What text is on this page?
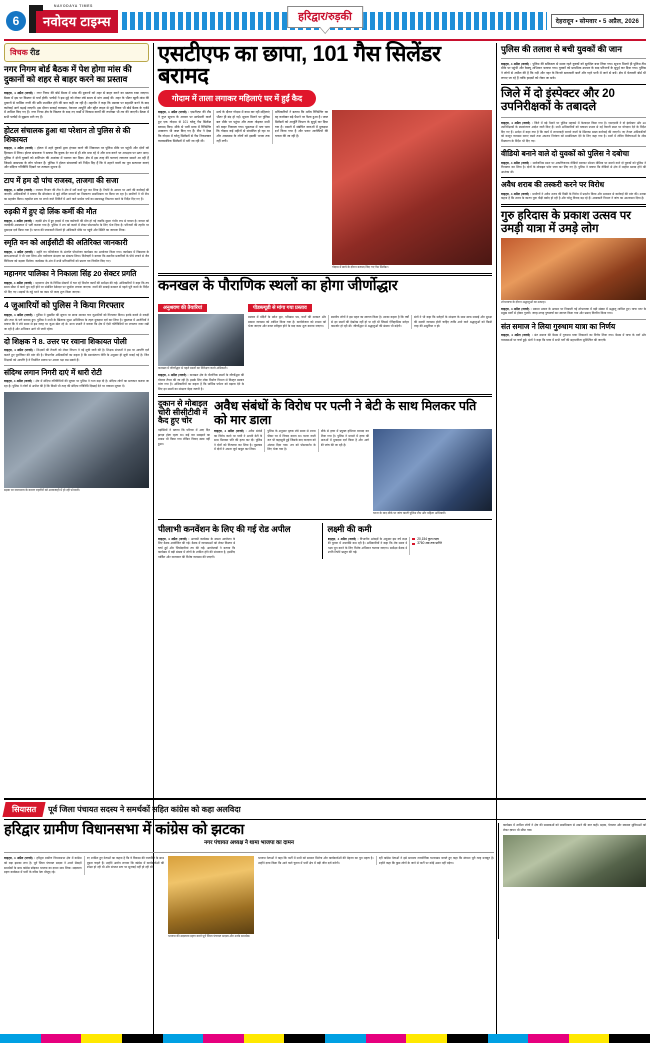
6
NAVODAYA TIMES
नवोदय टाइम्स	हरिद्वार/रुड़की	देहरादून • सोमवार • 5 अप्रैल, 2026
विचक रीड
नगर निगम बोर्ड बैठक में पेश होगा मांस की दुकानों को शहर से बाहर करने का प्रस्ताव
बाइट्स, 4 अप्रैल (जनसे) : नगर निगम की बोर्ड बैठक में मांस की दुकानों को शहर से बाहर करने का प्रस्ताव रखा जाएगा। बैठक में इस पर विस्तार से चर्चा होगी। पार्षदों ने इस मुद्दे को लेकर लंबे समय से मांग उठाई थी। शहर के भीतर खुली मांस की दुकानों से धार्मिक नगरी की छवि प्रभावित होने की बात कही जा रही है। महापौर ने कहा कि प्रस्ताव पर सहमति बनने के बाद कार्रवाई आगे बढ़ाई जाएगी। इस दौरान सफाई व्यवस्था, पेयजल आपूर्ति और स्ट्रीट लाइट से जुड़े विषय भी बोर्ड बैठक के एजेंडे में शामिल किए गए हैं। नगर निगम क्षेत्र के विस्तार के बाद नए वार्डों में विकास कार्यों की रूपरेखा भी तय की जाएगी। बैठक में सभी पार्षदों से सुझाव मांगे गए हैं।
होटल संचालक हुआ था परेशान तो पुलिस से की शिकायत
बाइट्स, 4 अप्रैल (जनसे) : होटल में ठहरे युवकों द्वारा हंगामा करने की शिकायत पर पुलिस मौके पर पहुंची और दोनों को हिरासत में लिया। होटल संचालक ने बताया कि युवक देर रात से ही शोर मचा रहे थे और मना करने पर अभद्रता पर उतर आए। पुलिस ने दोनों युवकों को शांतिभंग की आशंका में चालान कर दिया। क्षेत्र में इस तरह की घटनाएं लगातार सामने आ रही हैं जिससे आसपास के लोग परेशान हैं। पुलिस ने होटल संचालकों को निर्देश दिए हैं कि वे ठहरने वालों का पूरा सत्यापन कराएं और संदिग्ध गतिविधि दिखने पर तत्काल सूचना दें।
टाप में हम दो पांच राजस्व, ताजगा की सजा
बाइट्स, 4 अप्रैल (जनसे) : राजस्व विभाग की टीम ने क्षेत्र में सर्वे कार्य पूरा कर लिया है। रिपोर्ट के आधार पर आगे की कार्रवाई की जाएगी। अधिकारियों ने बताया कि सीमांकन से जुड़े लंबित मामलों का निस्तारण प्राथमिकता पर किया जा रहा है। ग्रामीणों ने भी टीम का सहयोग किया। तहसील स्तर पर लगने वाले शिविरों में आने वाले प्रार्थना पत्रों का समयबद्ध निपटारा करने के निर्देश दिए गए हैं।
रुड़की में हुए दो लिंक कर्मी की मौत
बाइट्स, 4 अप्रैल (जनसे) : रुड़की क्षेत्र में हुए हादसे में एक कर्मचारी की मौत हो गई जबकि दूसरा गंभीर रूप से घायल है। घायल को नजदीकी अस्पताल में भर्ती कराया गया है। पुलिस ने शव को कब्जे में लेकर पोस्टमार्टम के लिए भेज दिया है। परिजनों की तहरीर पर मुकदमा दर्ज किया गया है। घटना की जानकारी मिलते ही अधिकारी मौके पर पहुंचे और स्थिति का जायजा लिया।
स्मृति वन को आईसीटी की अतिरिक्त जानकारी
बाइट्स, 4 अप्रैल (जनसे) : स्मृति वन परियोजना के अंतर्गत पौधरोपण कार्यक्रम का आयोजन किया गया। कार्यक्रम में विद्यालय के छात्र-छात्राओं ने भी भाग लिया और पर्यावरण संरक्षण का संकल्प लिया। विशेषज्ञों ने बताया कि स्थानीय प्रजातियों के पौधे लगाने से जैव विविधता को बढ़ावा मिलेगा। कार्यक्रम के अंत में सभी प्रतिभागियों को प्रमाण पत्र वितरित किए गए।
महानगर पालिका ने निकाला सिंह 20 सेक्टर प्रगति
बाइट्स, 4 अप्रैल (जनसे) : महानगर क्षेत्र के विभिन्न सेक्टरों में चल रहे निर्माण कार्यों की समीक्षा की गई। अधिकारियों ने कहा कि तय समय सीमा में कार्य पूरा नहीं होने पर संबंधित ठेकेदार पर जुर्माना लगाया जाएगा। नालों की सफाई बरसात से पहले पूरी करने के निर्देश भी दिए गए। सड़कों के गड्ढे भरने का काम भी जल्द शुरू किया जाएगा।
4 जुआरियों को पुलिस ने किया गिरफ्तार
बाइट्स, 4 अप्रैल (जनसे) : पुलिस ने मुखबिर की सूचना पर छापा मारकर चार जुआरियों को गिरफ्तार किया। इनके कब्जे से नकदी और ताश के पत्ते बरामद हुए। पुलिस ने सभी के खिलाफ जुआ अधिनियम के तहत मुकदमा दर्ज कर लिया है। पूछताछ में आरोपियों ने बताया कि वे लंबे समय से इस जगह पर जुआ खेल रहे थे। थाना प्रभारी ने बताया कि क्षेत्र में ऐसी गतिविधियों पर लगातार नजर रखी जा रही है और अभियान आगे भी जारी रहेगा।
दो शिक्षक ने 8. उत्तर पर रवाना शिकायत पोली
बाइट्स, 4 अप्रैल (जनसे) : शिक्षकों की तैनाती को लेकर विभाग ने नई सूची जारी की है। शिक्षक संगठनों ने इस पर आपत्ति दर्ज कराते हुए पुनर्विचार की मांग की है। विभागीय अधिकारियों का कहना है कि स्थानांतरण नीति के अनुसार ही सूची बनाई गई है। जिन शिक्षकों को आपत्ति है वे निर्धारित प्रारूप पर अपना पक्ष रख सकते हैं।
संदिग्ध लगान निगरी दाएं में धारी रोटी
बाइट्स, 4 अप्रैल (जनसे) : क्षेत्र में संदिग्ध गतिविधियों की सूचना पर पुलिस ने गश्त बढ़ा दी है। संदिग्ध लोगों का सत्यापन कराया जा रहा है। पुलिस ने लोगों से अपील की है कि किसी भी तरह की संदिग्ध गतिविधि दिखाई देने पर तत्काल सूचना दें।
सड़क पर जलभराव के कारण राहगीरों को आवाजाही में हो रही परेशानी।
एसटीएफ का छापा, 101 गैस सिलेंडर बरामद
गोदाम में ताला लगाकर महिलाएं घर में हुईं कैद
बाइट्स, 4 अप्रैल (जनसे) : एसटीएफ की टीम ने गुप्त सूचना के आधार पर छापेमारी करते हुए एक गोदाम से 101 घरेलू गैस सिलेंडर बरामद किए। मौके से भारी मात्रा में रिफिलिंग उपकरण भी जब्त किए गए हैं। टीम ने देखा कि गोदाम में घरेलू सिलेंडरों से गैस निकालकर व्यावसायिक सिलेंडरों में भरी जा रही थी।
छापे के दौरान गोदाम में काम कर रही महिलाएं भीतर ही बंद हो गईं। सूचना मिलने पर पुलिस बल मौके पर पहुंचा और ताला तोड़कर सभी को बाहर निकाला गया। पूछताछ में पता चला कि गोदाम कई महीनों से संचालित हो रहा था और आसपास के लोगों को इसकी भनक तक नहीं लगी।
अधिकारियों ने बताया कि अवैध रिफिलिंग का यह कारोबार बड़े पैमाने पर फैला हुआ है। जब्त सिलेंडरों को आपूर्ति विभाग के सुपुर्द कर दिया गया है। मामले में संबंधित धाराओं में मुकदमा दर्ज किया गया है और फरार आरोपियों की तलाश की जा रही है।
गोदाम में छापे के दौरान बरामद किए गए गैस सिलेंडर।
कनखल के पौराणिक स्थलों का होगा जीर्णोद्धार
अनुश्रवण की तैयारियां
कनखल में जीर्णोद्धार से पहले स्थलों का निरीक्षण करते अधिकारी।
बाइट्स, 4 अप्रैल (जनसे) : कनखल क्षेत्र के पौराणिक स्थलों के जीर्णोद्धार की योजना तैयार की जा रही है। इसके लिए लोक निर्माण विभाग से विस्तृत प्रस्ताव मांगा गया है। अधिकारियों का कहना है कि धार्मिक पर्यटन को बढ़ावा देने के लिए इन स्थलों का संरक्षण बेहद जरूरी है।
पीडब्ल्यूडी से मांगा गया प्रस्ताव
प्रस्ताव में मंदिरों के प्रवेश द्वार, परिक्रमा पथ, घाटों की मरम्मत और प्रकाश व्यवस्था को शामिल किया गया है। कार्ययोजना को शासन को भेजा जाएगा और बजट स्वीकृत होने के बाद काम शुरू कराया जाएगा।
स्थानीय लोगों ने इस पहल का स्वागत किया है। उनका कहना है कि वर्षों से इन स्थलों की देखरेख नहीं हो पा रही थी जिससे ऐतिहासिक धरोहर कमजोर हो रही थी। जीर्णोद्धार से श्रद्धालुओं की संख्या भी बढ़ेगी।
संतों ने भी कहा कि धरोहरों के संरक्षण के साथ साफ सफाई और सुरक्षा की स्थायी व्यवस्था होनी चाहिए ताकि आने वाले श्रद्धालुओं को किसी तरह की असुविधा न हो।
दुकान से मोबाइल चोरी सीसीटीवी में कैद हुए चोर
पड़ोसियों ने बताया कि परिवार में आए दिन झगड़ा होता रहता था। कई बार समझाने का प्रयास भी किया गया लेकिन विवाद खत्म नहीं हुआ।
अवैध संबंधों के विरोध पर पत्नी ने बेटी के साथ मिलकर पति को मार डाला
बाइट्स, 4 अप्रैल (जनसे) : अवैध संबंधों का विरोध करने पर पत्नी ने अपनी बेटी के साथ मिलकर पति की हत्या कर दी। पुलिस ने दोनों को गिरफ्तार कर लिया है। पूछताछ में दोनों ने अपना जुर्म कबूल कर लिया।
पुलिस के अनुसार मृतक लंबे समय से शराब पीकर घर में विवाद करता था। घटना वाली रात भी कहासुनी हुई जिसके बाद वारदात को अंजाम दिया गया। शव को पोस्टमार्टम के लिए भेजा गया है।
मौके से हत्या में प्रयुक्त हथियार बरामद कर लिया गया है। पुलिस ने मामले में हत्या की धाराओं में मुकदमा दर्ज किया है और आगे की जांच की जा रही है।
घटना के बाद मौके पर जांच करती पुलिस टीम और महिला अधिकारी।
पीलाभी कनवेंशन के लिए की गई रोड अपील
बाइट्स, 4 अप्रैल (जनसे) : आगामी कार्यक्रम के सफल आयोजन के लिए बैठक आयोजित की गई। बैठक में व्यवस्थाओं को लेकर विस्तार से चर्चा हुई और जिम्मेदारियां तय की गईं। आयोजकों ने बताया कि कार्यक्रम में बड़ी संख्या में लोगों के शामिल होने की संभावना है, इसलिए पार्किंग और यातायात की विशेष व्यवस्था की जाएगी।
लक्ष्मी की कमी
बाइट्स, 4 अप्रैल (जनसे) : विभागीय आंकड़ों के अनुसार इस वर्ष लक्ष्य की तुलना में उपलब्धि कम रही है। अधिकारियों ने कहा कि शेष समय में लक्ष्य पूरा करने के लिए विशेष अभियान चलाया जाएगा। समीक्षा बैठक में प्रगति रिपोर्ट प्रस्तुत की गई।
20,154 कुल लक्ष्य
3760 अब तक प्राप्ति
पुलिस की तलाश से बची युवकों की जान
बाइट्स, 4 अप्रैल (जनसे) : पुलिस की सक्रियता से समय रहते युवकों को सुरक्षित बचा लिया गया। सूचना मिलते ही पुलिस टीम मौके पर पहुंची और रेस्क्यू अभियान चलाया गया। युवकों को प्राथमिक उपचार के बाद परिजनों के सुपुर्द कर दिया गया। पुलिस ने लोगों से अपील की है कि नदी और नहर के किनारे सावधानी बरतें और गहरे पानी में जाने से बचें। क्षेत्र में चेतावनी बोर्ड भी लगाए जा रहे हैं ताकि हादसों को रोका जा सके।
जिले में दो इंस्पेक्टर और 20 उपनिरीक्षकों के तबादले
बाइट्स, 4 अप्रैल (जनसे) : जिले में बड़े पैमाने पर पुलिस महकमे में फेरबदल किया गया है। एसएसपी ने दो इंस्पेक्टर और 20 उपनिरीक्षकों के स्थानांतरण आदेश जारी किए हैं। सभी अधिकारियों को तत्काल प्रभाव से नई तैनाती स्थल पर योगदान देने के निर्देश दिए गए हैं। आदेश में कहा गया है कि कार्य में लापरवाही बरतने वालों के खिलाफ सख्त कार्रवाई की जाएगी। नए तैनात अधिकारियों को कानून व्यवस्था बनाए रखने तथा अपराध नियंत्रण को प्राथमिकता देने के लिए कहा गया है। थानों में लंबित विवेचनाओं के शीघ्र निस्तारण के निर्देश भी दिए गए।
वीडियो बनाने वाले दो युवकों को पुलिस ने दबोचा
बाइट्स, 4 अप्रैल (जनसे) : सार्वजनिक स्थल पर आपत्तिजनक वीडियो बनाकर सोशल मीडिया पर डालने वाले दो युवकों को पुलिस ने गिरफ्तार कर लिया है। दोनों के मोबाइल फोन जब्त कर लिए गए हैं। पुलिस ने बताया कि वीडियो से क्षेत्र में माहौल खराब होने की आशंका थी।
अवैध शराब की तस्करी करने पर विरोध
बाइट्स, 4 अप्रैल (जनसे) : ग्रामीणों ने अवैध शराब की बिक्री के विरोध में प्रदर्शन किया और प्रशासन से कार्रवाई की मांग की। उनका कहना है कि शराब के कारण युवा पीढ़ी बर्बाद हो रही है और घरेलू विवाद बढ़ रहे हैं। आबकारी विभाग ने जांच का आश्वासन दिया है।
गुरु हरिदास के प्रकाश उत्सव पर उमड़ी यात्रा में उमड़े लोग
शोभायात्रा के दौरान श्रद्धालुओं का उत्साह।
बाइट्स, 4 अप्रैल (जनसे) : प्रकाश उत्सव के अवसर पर निकाली गई शोभायात्रा में बड़ी संख्या में श्रद्धालु शामिल हुए। यात्रा नगर के प्रमुख मार्गों से होकर गुजरी। जगह-जगह पुष्पवर्षा कर स्वागत किया गया और प्रसाद वितरित किया गया।
संत समाज ने लिया गुरुधाम यात्रा का निर्णय
बाइट्स, 4 अप्रैल (जनसे) : संत समाज की बैठक में गुरुधाम यात्रा निकालने का निर्णय लिया गया। बैठक में यात्रा के मार्ग और व्यवस्थाओं पर चर्चा हुई। संतों ने कहा कि यात्रा में सभी वर्गों की सहभागिता सुनिश्चित की जाएगी।
सियासत	पूर्व जिला पंचायत सदस्य ने समर्थकों सहित कांग्रेस को कहा अलविदा
हरिद्वार ग्रामीण विधानसभा में कांग्रेस को झटका
नगर पंचायत अध्यक्ष ने थामा भाजपा का दामन
बाइट्स, 4 अप्रैल (जनसे) : हरिद्वार ग्रामीण विधानसभा क्षेत्र में कांग्रेस को बड़ा झटका लगा है। पूर्व जिला पंचायत सदस्य ने अपने सैकड़ों समर्थकों के साथ कांग्रेस छोड़कर भाजपा का दामन थाम लिया। सदस्यता ग्रहण कार्यक्रम में पार्टी के वरिष्ठ नेता मौजूद रहे।
नए शामिल हुए नेताओं का कहना है कि वे विकास की राजनीति के साथ जुड़ना चाहते हैं। उन्होंने आरोप लगाया कि कांग्रेस में कार्यकर्ताओं की उपेक्षा हो रही थी और संगठन स्तर पर सुनवाई नहीं हो रही थी।
भाजपा की सदस्यता ग्रहण करते पूर्व जिला पंचायत सदस्य और उनके समर्थक।
भाजपा नेताओं ने कहा कि पार्टी में सभी को सम्मान मिलेगा और कार्यकर्ताओं की मेहनत का पूरा महत्व है। उन्होंने दावा किया कि आने वाले चुनाव में पार्टी क्षेत्र में बड़ी जीत दर्ज करेगी।
वहीं कांग्रेस नेताओं ने इसे सामान्य राजनीतिक घटनाक्रम बताते हुए कहा कि संगठन पूरी तरह मजबूत है। उन्होंने कहा कि कुछ लोगों के जाने से पार्टी पर कोई असर नहीं पड़ेगा।
कार्यक्रम में शामिल लोगों ने क्षेत्र की समस्याओं को प्राथमिकता से उठाने की बात कही। सड़क, पेयजल और स्वास्थ्य सुविधाओं को लेकर ज्ञापन भी सौंपा गया।
